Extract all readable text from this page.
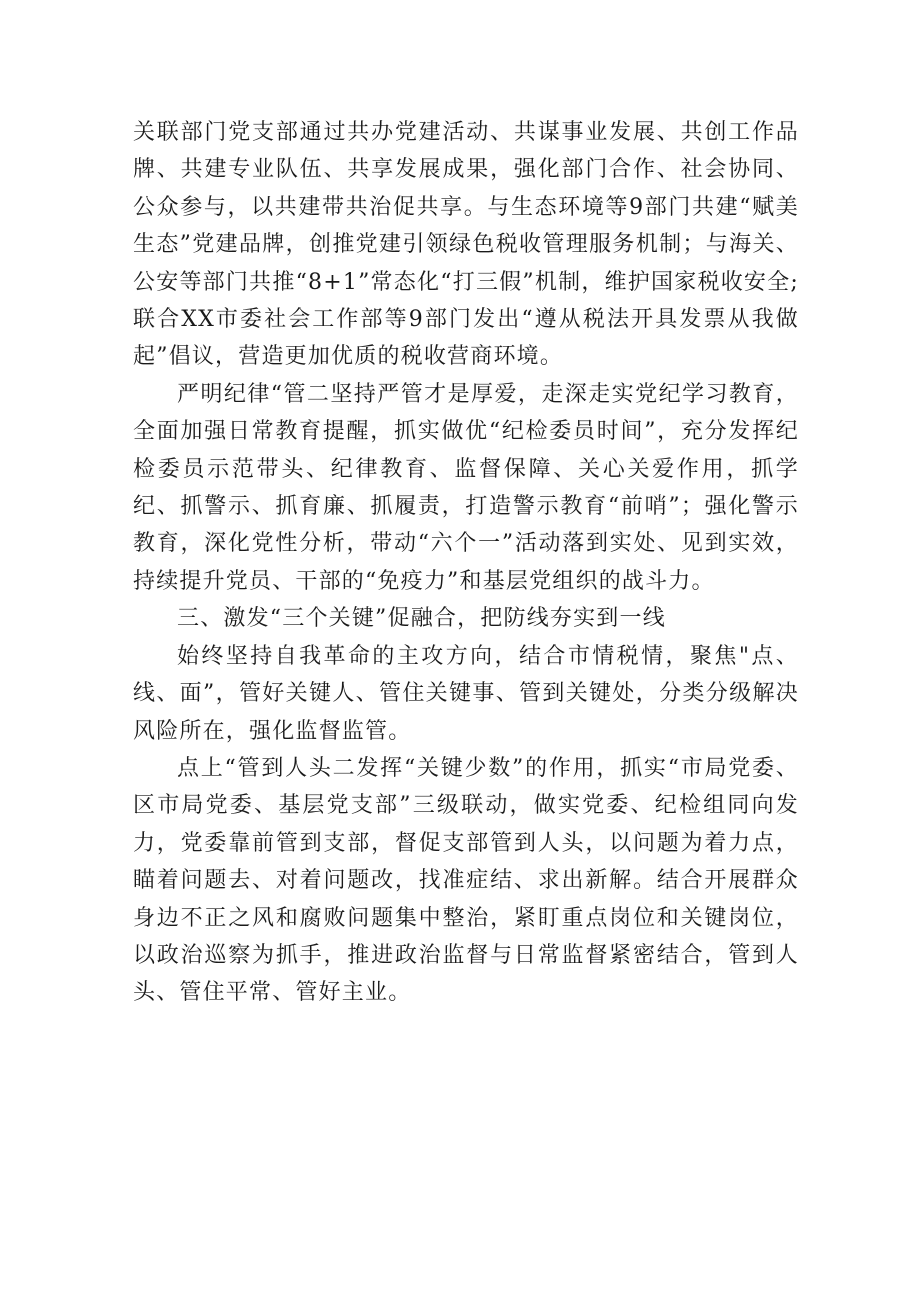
关联部门党支部通过共办党建活动、共谋事业发展、共创工作品牌、共建专业队伍、共享发展成果，强化部门合作、社会协同、公众参与，以共建带共治促共享。与生态环境等9部门共建“赋美生态”党建品牌，创推党建引领绿色税收管理服务机制；与海关、公安等部门共推“8+1”常态化“打三假”机制，维护国家税收安全;联合XX市委社会工作部等9部门发出“遵从税法开具发票从我做起”倡议，营造更加优质的税收营商环境。

严明纪律“管二坚持严管才是厚爱，走深走实党纪学习教育，全面加强日常教育提醒，抓实做优“纪检委员时间”，充分发挥纪检委员示范带头、纪律教育、监督保障、关心关爱作用，抓学纪、抓警示、抓育廉、抓履责，打造警示教育“前哨”；强化警示教育，深化党性分析，带动“六个一”活动落到实处、见到实效，持续提升党员、干部的“免疫力”和基层党组织的战斗力。

三、激发“三个关键”促融合，把防线夯实到一线

始终坚持自我革命的主攻方向，结合市情税情，聚焦"点、线、面”，管好关键人、管住关键事、管到关键处，分类分级解决风险所在，强化监督监管。

点上“管到人头二发挥“关键少数”的作用，抓实“市局党委、区市局党委、基层党支部”三级联动，做实党委、纪检组同向发力，党委靠前管到支部，督促支部管到人头，以问题为着力点，瞄着问题去、对着问题改，找准症结、求出新解。结合开展群众身边不正之风和腐败问题集中整治，紧盯重点岗位和关键岗位，以政治巡察为抓手，推进政治监督与日常监督紧密结合，管到人头、管住平常、管好主业。
